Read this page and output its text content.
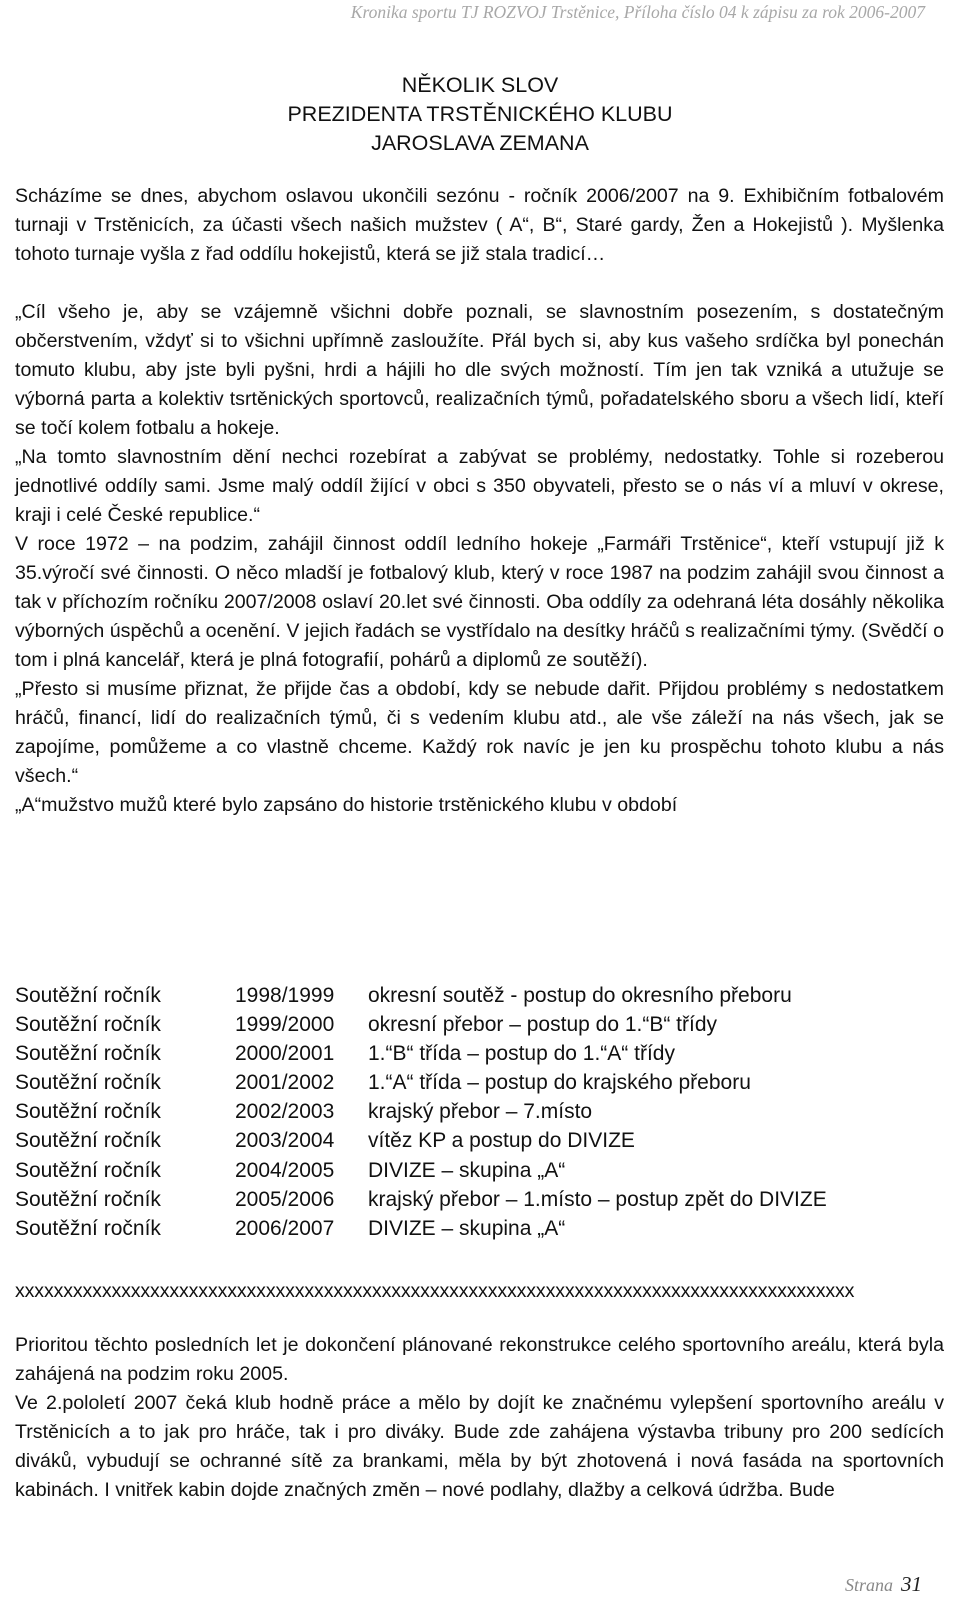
Kronika sportu TJ ROZVOJ Trstěnice, Příloha číslo 04 k zápisu za rok 2006-2007
NĚKOLIK SLOV
PREZIDENTA TRSTĚNICKÉHO KLUBU
JAROSLAVA ZEMANA

Scházíme se dnes, abychom oslavou ukončili sezónu - ročník 2006/2007 na 9. Exhibičním fotbalovém turnaji v Trstěnicích, za účasti všech našich mužstev ( A“, B“, Staré gardy, Žen a Hokejistů ). Myšlenka tohoto turnaje vyšla z řad oddílu hokejistů, která se již stala tradicí…

„Cíl všeho je, aby se vzájemně všichni dobře poznali, se slavnostním posezením, s dostatečným občerstvením, vždyť si to všichni upřímně zasloužíte. Přál bych si, aby kus vašeho srdíčka byl ponechán tomuto klubu, aby jste byli pyšni, hrdi a hájili ho dle svých možností. Tím jen tak vzniká a utužuje se výborná parta a kolektiv tsrtěnických sportovců, realizačních týmů, pořadatelského sboru a všech lidí, kteří se točí kolem fotbalu a hokeje.

„Na tomto slavnostním dění nechci rozebírat a zabývat se problémy, nedostatky. Tohle si rozeberou jednotlivé oddíly sami. Jsme malý oddíl žijící v obci s 350 obyvateli, přesto se o nás ví a mluví v okrese, kraji i celé České republice.“

V roce 1972 – na podzim, zahájil činnost oddíl ledního hokeje „Farmáři Trstěnice“, kteří vstupují již k 35.výročí své činnosti. O něco mladší je fotbalový klub, který v roce 1987 na podzim zahájil svou činnost a tak v příchozím ročníku 2007/2008 oslaví 20.let své činnosti. Oba oddíly za odehraná léta dosáhly několika výborných úspěchů a ocenění. V jejich řadách se vystřídalo na desítky hráčů s realizačními týmy. (Svědčí o tom i plná kancelář, která je plná fotografií, pohárů a diplomů ze soutěží).

„Přesto si musíme přiznat, že přijde čas a období, kdy se nebude dařit. Přijdou problémy s nedostatkem hráčů, financí, lidí do realizačních týmů, či s vedením klubu atd., ale vše záleží na nás všech, jak se zapojíme, pomůžeme a co vlastně chceme. Každý rok navíc je jen ku prospěchu tohoto klubu a nás všech.“

„A“mužstvo mužů které bylo zapsáno do historie trstěnického klubu v období

Soutěžní ročník	1998/1999	okresní soutěž - postup do okresního přeboru
Soutěžní ročník	1999/2000	okresní přebor – postup do 1.“B“ třídy
Soutěžní ročník	2000/2001	1.“B“ třída – postup do 1.“A“ třídy
Soutěžní ročník	2001/2002	1.“A“ třída – postup do krajského přeboru
Soutěžní ročník	2002/2003	krajský přebor – 7.místo
Soutěžní ročník	2003/2004	vítěz KP a postup do DIVIZE
Soutěžní ročník	2004/2005	DIVIZE – skupina „A“
Soutěžní ročník	2005/2006	krajský přebor – 1.místo – postup zpět do DIVIZE
Soutěžní ročník	2006/2007	DIVIZE – skupina „A“
xxxxxxxxxxxxxxxxxxxxxxxxxxxxxxxxxxxxxxxxxxxxxxxxxxxxxxxxxxxxxxxxxxxxxxxxxxxxxxxxxxxxxxx

Prioritou těchto posledních let je dokončení plánované rekonstrukce celého sportovního areálu, která byla zahájená na podzim roku 2005.

Ve 2.pololetí 2007 čeká klub hodně práce a mělo by dojít ke značnému vylepšení sportovního areálu v Trstěnicích a to jak pro hráče, tak i pro diváky. Bude zde zahájena výstavba tribuny pro 200 sedících diváků, vybudují se ochranné sítě za brankami, měla by být zhotovená i nová fasáda na sportovních kabinách. I vnitřek kabin dojde značných změn – nové podlahy, dlažby a celková údržba. Bude

Strana 31
